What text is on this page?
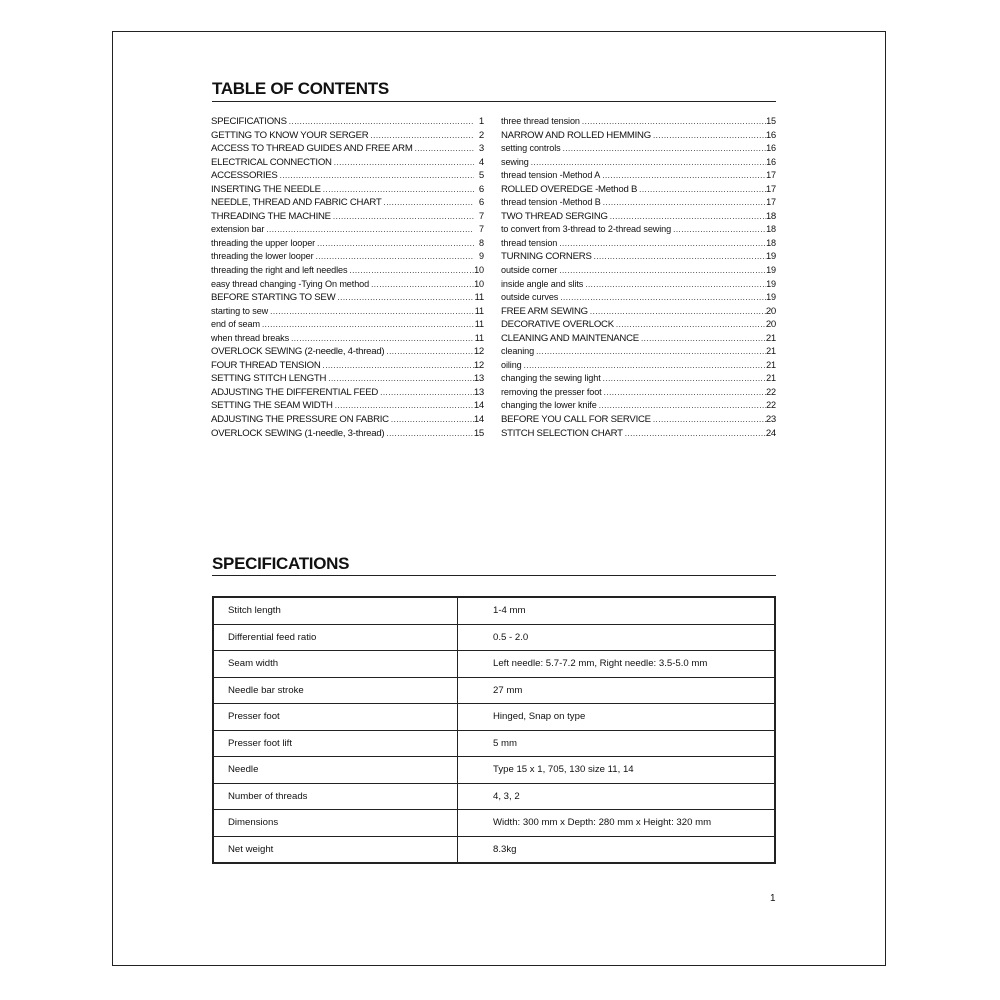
TABLE OF CONTENTS
SPECIFICATIONS .....	1
GETTING TO KNOW YOUR SERGER .....	2
ACCESS TO THREAD GUIDES AND FREE ARM .....	3
ELECTRICAL CONNECTION .....	4
ACCESSORIES .....	5
INSERTING THE NEEDLE .....	6
NEEDLE, THREAD AND FABRIC CHART .....	6
THREADING THE MACHINE .....	7
extension bar .....	7
threading the upper looper .....	8
threading the lower looper .....	9
threading the right and left needles .....	10
easy thread changing -Tying On method .....	10
BEFORE STARTING TO SEW .....	11
starting to sew .....	11
end of seam .....	11
when thread breaks .....	11
OVERLOCK SEWING (2-needle, 4-thread) .....	12
FOUR THREAD TENSION .....	12
SETTING STITCH LENGTH .....	13
ADJUSTING THE DIFFERENTIAL FEED .....	13
SETTING THE SEAM WIDTH .....	14
ADJUSTING THE PRESSURE ON FABRIC .....	14
OVERLOCK SEWING (1-needle, 3-thread) .....	15
three thread tension .....	15
NARROW AND ROLLED HEMMING .....	16
setting controls .....	16
sewing .....	16
thread tension -Method A .....	17
ROLLED OVEREDGE -Method B .....	17
thread tension -Method B .....	17
TWO THREAD SERGING .....	18
to convert from 3-thread to 2-thread sewing .....	18
thread tension .....	18
TURNING CORNERS .....	19
outside corner .....	19
inside angle and slits .....	19
outside curves .....	19
FREE ARM SEWING .....	20
DECORATIVE OVERLOCK .....	20
CLEANING AND MAINTENANCE .....	21
cleaning .....	21
oiling .....	21
changing the sewing light .....	21
removing the presser foot .....	22
changing the lower knife .....	22
BEFORE YOU CALL FOR SERVICE .....	23
STITCH SELECTION CHART .....	24
SPECIFICATIONS
Stitch length	1-4 mm
Differential feed ratio	0.5 - 2.0
Seam width	Left needle: 5.7-7.2 mm, Right needle: 3.5-5.0 mm
Needle bar stroke	27 mm
Presser foot	Hinged, Snap on type
Presser foot lift	5 mm
Needle	Type 15 x 1, 705, 130 size 11, 14
Number of threads	4, 3, 2
Dimensions	Width: 300 mm x Depth: 280 mm x Height: 320 mm
Net weight	8.3kg
1
